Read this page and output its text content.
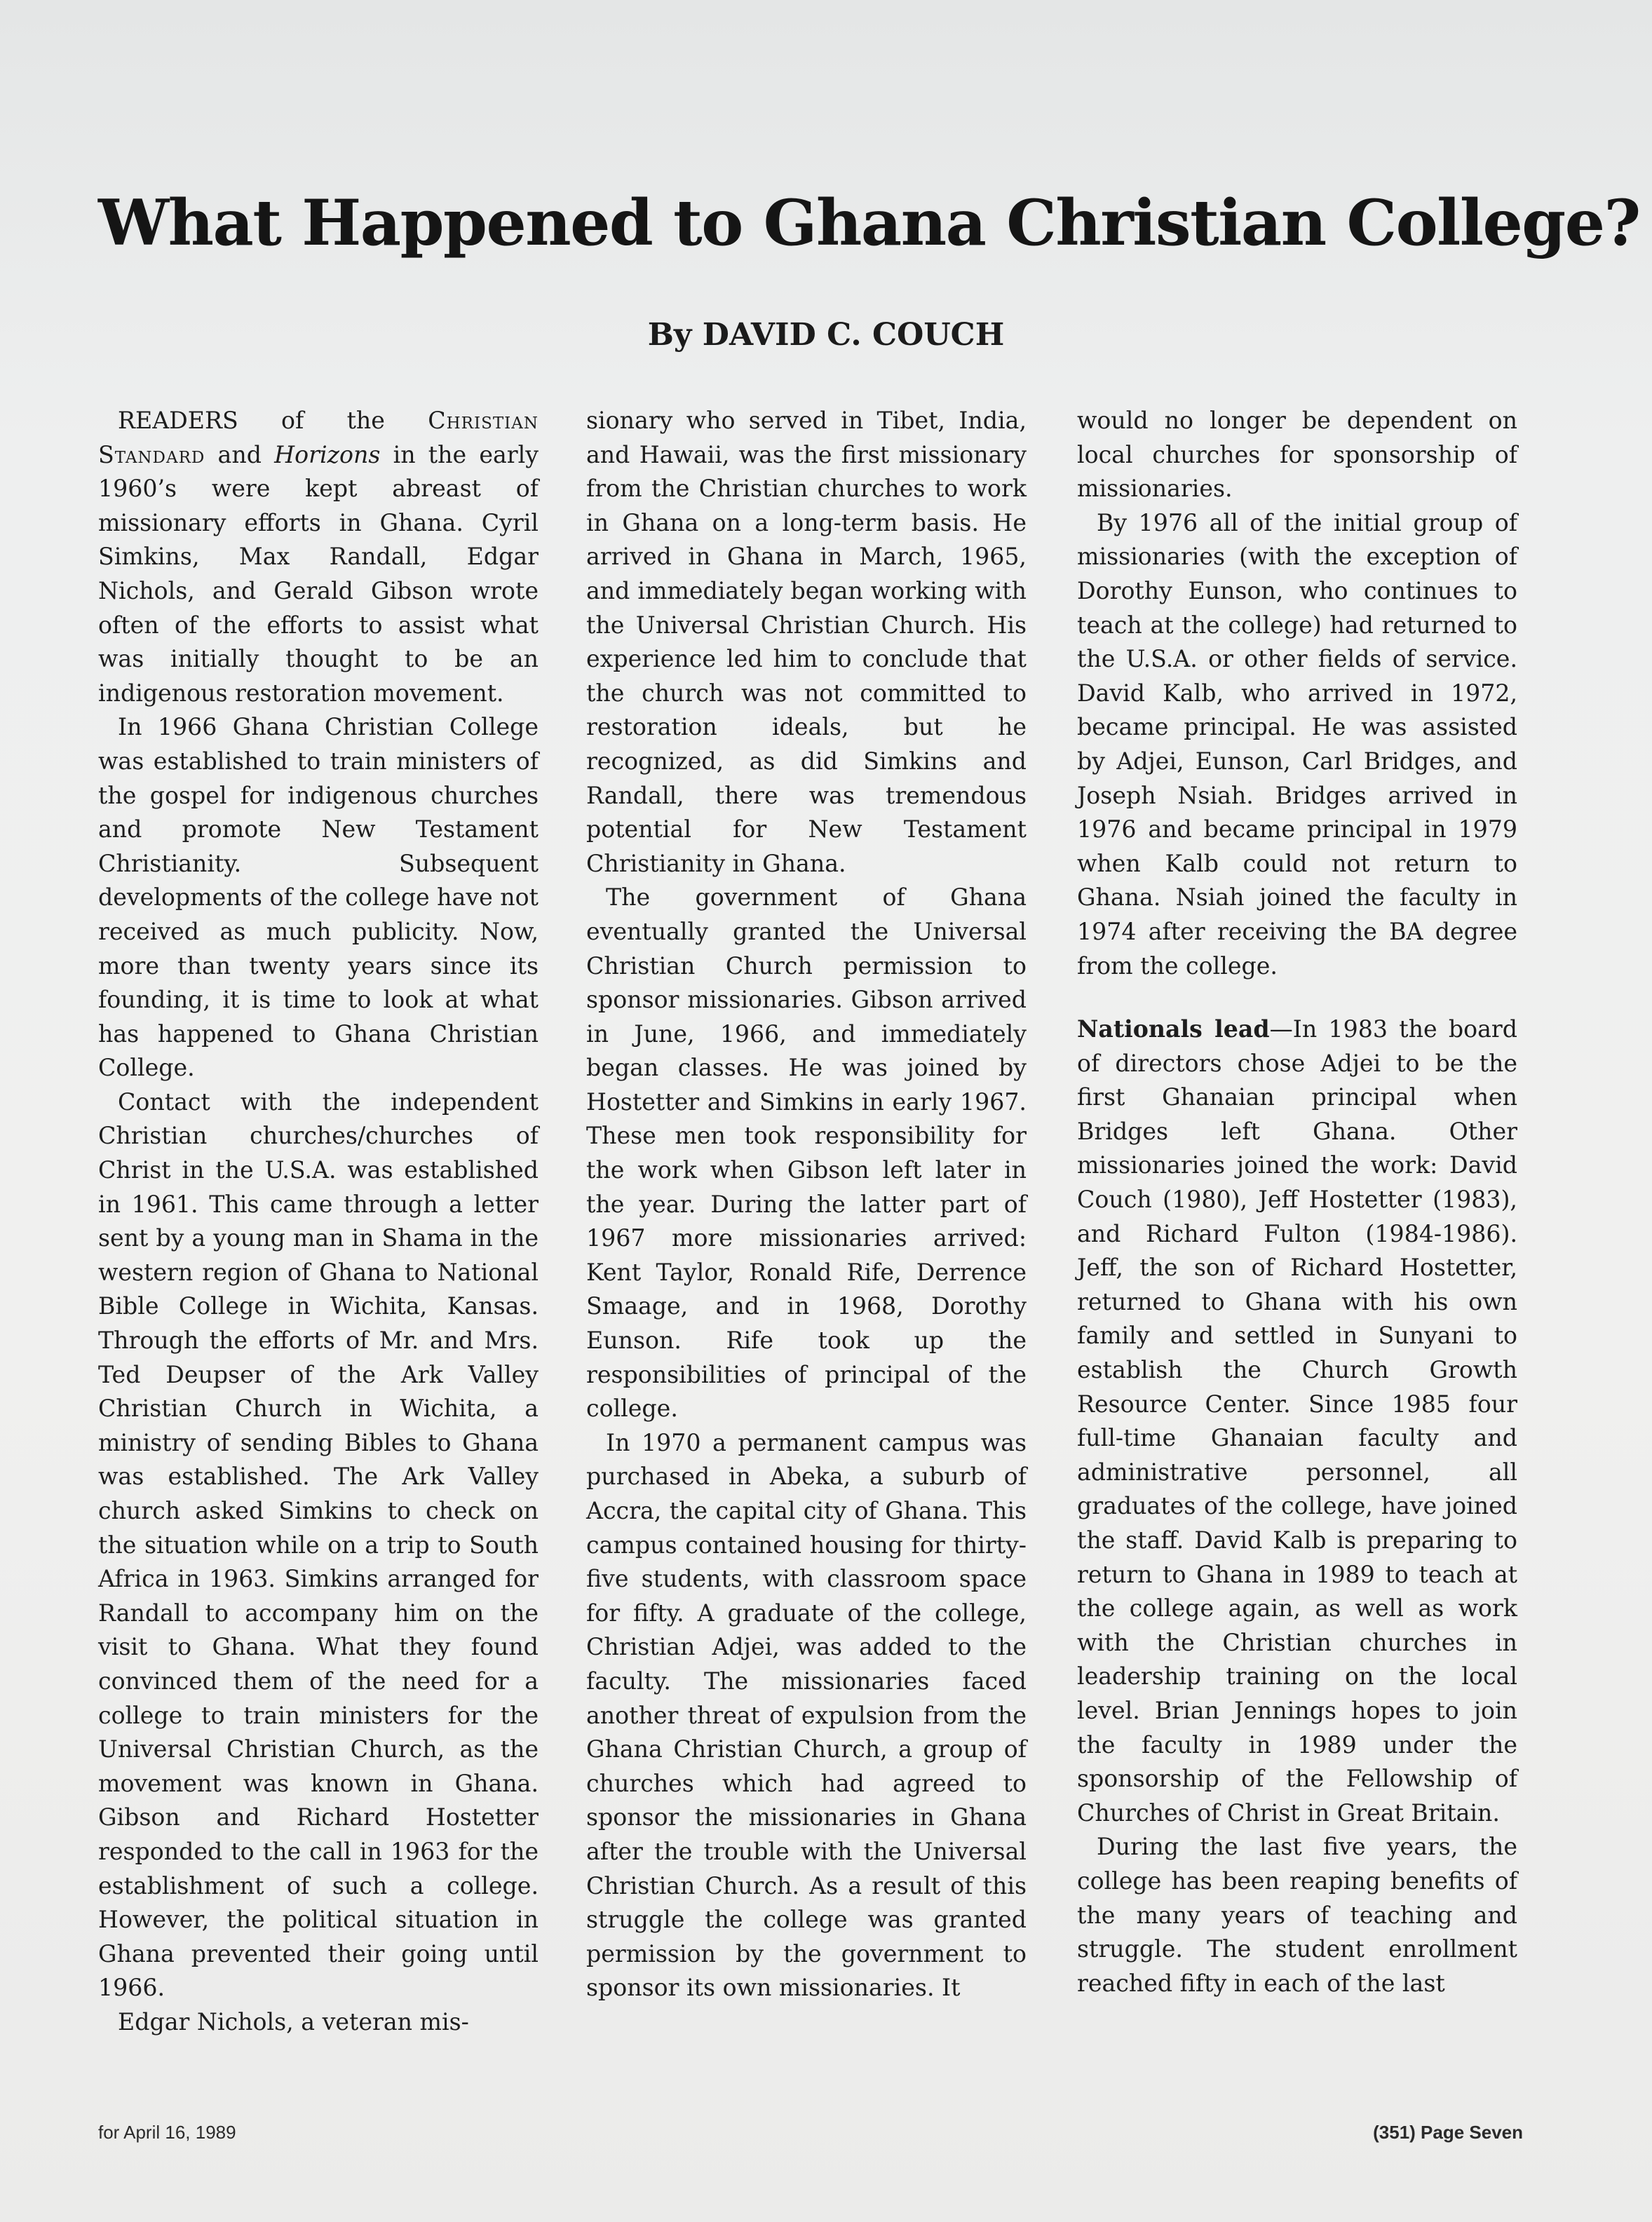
What Happened to Ghana Christian College?
By DAVID C. COUCH

READERS of the Christian Standard and Horizons in the early 1960’s were kept abreast of missionary efforts in Ghana. Cyril Simkins, Max Randall, Edgar Nichols, and Gerald Gibson wrote often of the efforts to assist what was initially thought to be an indigenous restoration movement.

In 1966 Ghana Christian College was established to train ministers of the gospel for indigenous churches and promote New Testament Christianity. Subsequent developments of the college have not received as much publicity. Now, more than twenty years since its founding, it is time to look at what has happened to Ghana Christian College.

Contact with the independent Christian churches/churches of Christ in the U.S.A. was established in 1961. This came through a letter sent by a young man in Shama in the western region of Ghana to National Bible College in Wichita, Kansas. Through the efforts of Mr. and Mrs. Ted Deupser of the Ark Valley Christian Church in Wichita, a ministry of sending Bibles to Ghana was established. The Ark Valley church asked Simkins to check on the situation while on a trip to South Africa in 1963. Simkins arranged for Randall to accompany him on the visit to Ghana. What they found convinced them of the need for a college to train ministers for the Universal Christian Church, as the movement was known in Ghana. Gibson and Richard Hostetter responded to the call in 1963 for the establishment of such a college. However, the political situation in Ghana prevented their going until 1966.

Edgar Nichols, a veteran mis-

sionary who served in Tibet, India, and Hawaii, was the first missionary from the Christian churches to work in Ghana on a long-term basis. He arrived in Ghana in March, 1965, and immediately began working with the Universal Christian Church. His experience led him to conclude that the church was not committed to restoration ideals, but he recognized, as did Simkins and Randall, there was tremendous potential for New Testament Christianity in Ghana.

The government of Ghana eventually granted the Universal Christian Church permission to sponsor missionaries. Gibson arrived in June, 1966, and immediately began classes. He was joined by Hostetter and Simkins in early 1967. These men took responsibility for the work when Gibson left later in the year. During the latter part of 1967 more missionaries arrived: Kent Taylor, Ronald Rife, Derrence Smaage, and in 1968, Dorothy Eunson. Rife took up the responsibilities of principal of the college.

In 1970 a permanent campus was purchased in Abeka, a suburb of Accra, the capital city of Ghana. This campus contained housing for thirty-five students, with classroom space for fifty. A graduate of the college, Christian Adjei, was added to the faculty. The missionaries faced another threat of expulsion from the Ghana Christian Church, a group of churches which had agreed to sponsor the missionaries in Ghana after the trouble with the Universal Christian Church. As a result of this struggle the college was granted permission by the government to sponsor its own missionaries. It

would no longer be dependent on local churches for sponsorship of missionaries.

By 1976 all of the initial group of missionaries (with the exception of Dorothy Eunson, who continues to teach at the college) had returned to the U.S.A. or other fields of service. David Kalb, who arrived in 1972, became principal. He was assisted by Adjei, Eunson, Carl Bridges, and Joseph Nsiah. Bridges arrived in 1976 and became principal in 1979 when Kalb could not return to Ghana. Nsiah joined the faculty in 1974 after receiving the BA degree from the college.

Nationals lead—In 1983 the board of directors chose Adjei to be the first Ghanaian principal when Bridges left Ghana. Other missionaries joined the work: David Couch (1980), Jeff Hostetter (1983), and Richard Fulton (1984-1986). Jeff, the son of Richard Hostetter, returned to Ghana with his own family and settled in Sunyani to establish the Church Growth Resource Center. Since 1985 four full-time Ghanaian faculty and administrative personnel, all graduates of the college, have joined the staff. David Kalb is preparing to return to Ghana in 1989 to teach at the college again, as well as work with the Christian churches in leadership training on the local level. Brian Jennings hopes to join the faculty in 1989 under the sponsorship of the Fellowship of Churches of Christ in Great Britain.

During the last five years, the college has been reaping benefits of the many years of teaching and struggle. The student enrollment reached fifty in each of the last

for April 16, 1989	(351) Page Seven
